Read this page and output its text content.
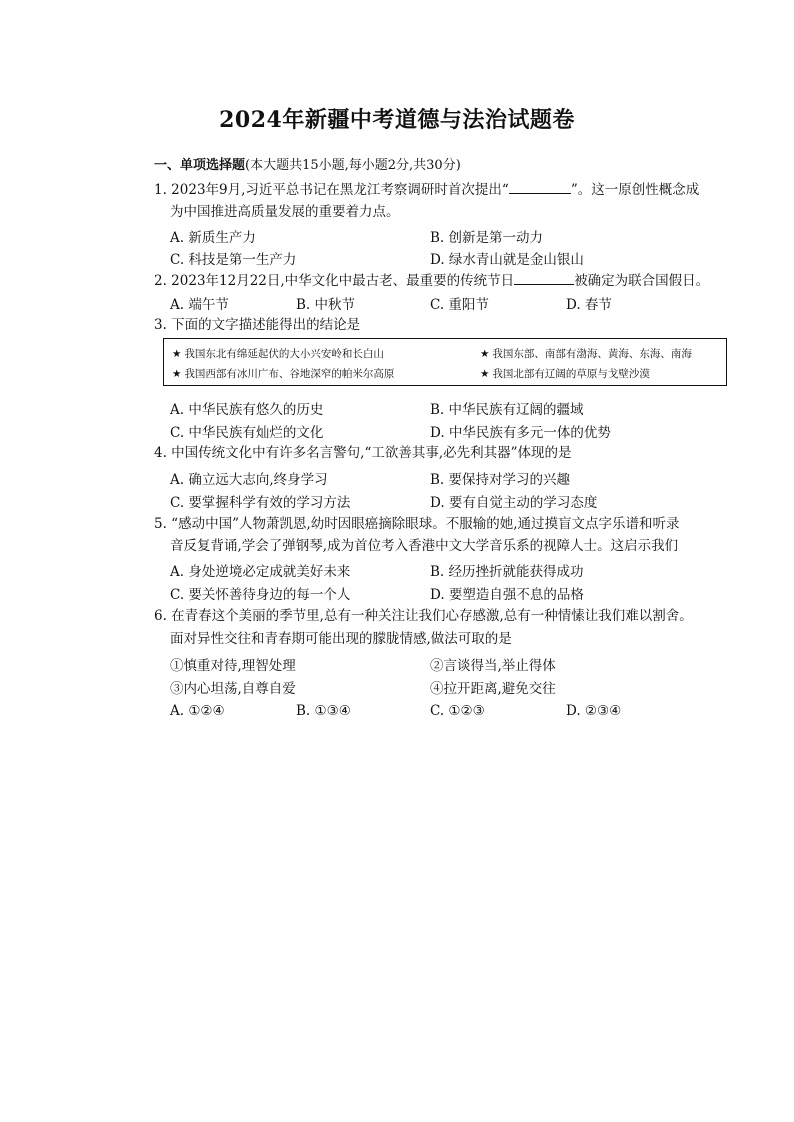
2024年新疆中考道德与法治试题卷
一、单项选择题(本大题共15小题,每小题2分,共30分)
1. 2023年9月,习近平总书记在黑龙江考察调研时首次提出“	”。这一原创性概念成
为中国推进高质量发展的重要着力点。
A. 新质生产力	B. 创新是第一动力
C. 科技是第一生产力	D. 绿水青山就是金山银山
2. 2023年12月22日,中华文化中最古老、最重要的传统节日	被确定为联合国假日。
A. 端午节	B. 中秋节	C. 重阳节	D. 春节
3. 下面的文字描述能得出的结论是
★ 我国东北有绵延起伏的大小兴安岭和长白山	★ 我国东部、南部有渤海、黄海、东海、南海
★ 我国西部有冰川广布、谷地深窄的帕米尔高原	★ 我国北部有辽阔的草原与戈壁沙漠
A. 中华民族有悠久的历史	B. 中华民族有辽阔的疆域
C. 中华民族有灿烂的文化	D. 中华民族有多元一体的优势
4. 中国传统文化中有许多名言警句,“工欲善其事,必先利其器”体现的是
A. 确立远大志向,终身学习	B. 要保持对学习的兴趣
C. 要掌握科学有效的学习方法	D. 要有自觉主动的学习态度
5. “感动中国”人物萧凯恩,幼时因眼癌摘除眼球。不服输的她,通过摸盲文点字乐谱和听录
音反复背诵,学会了弹钢琴,成为首位考入香港中文大学音乐系的视障人士。这启示我们
A. 身处逆境必定成就美好未来	B. 经历挫折就能获得成功
C. 要关怀善待身边的每一个人	D. 要塑造自强不息的品格
6. 在青春这个美丽的季节里,总有一种关注让我们心存感激,总有一种情愫让我们难以割舍。
面对异性交往和青春期可能出现的朦胧情感,做法可取的是
①慎重对待,理智处理	②言谈得当,举止得体
③内心坦荡,自尊自爱	④拉开距离,避免交往
A. ①②④	B. ①③④	C. ①②③	D. ②③④
